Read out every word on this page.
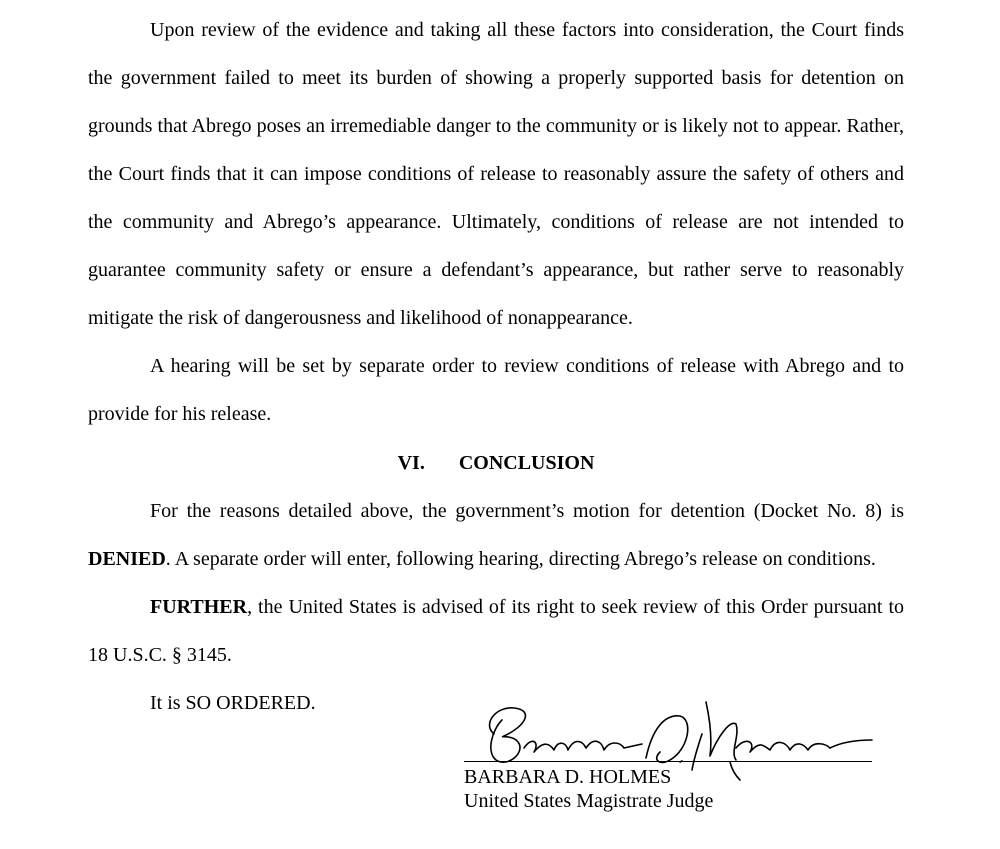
Upon review of the evidence and taking all these factors into consideration, the Court finds the government failed to meet its burden of showing a properly supported basis for detention on grounds that Abrego poses an irremediable danger to the community or is likely not to appear. Rather, the Court finds that it can impose conditions of release to reasonably assure the safety of others and the community and Abrego’s appearance. Ultimately, conditions of release are not intended to guarantee community safety or ensure a defendant’s appearance, but rather serve to reasonably mitigate the risk of dangerousness and likelihood of nonappearance.

A hearing will be set by separate order to review conditions of release with Abrego and to provide for his release.

VI. CONCLUSION

For the reasons detailed above, the government’s motion for detention (Docket No. 8) is DENIED. A separate order will enter, following hearing, directing Abrego’s release on conditions.

FURTHER, the United States is advised of its right to seek review of this Order pursuant to 18 U.S.C. § 3145.

It is SO ORDERED.

BARBARA D. HOLMES
United States Magistrate Judge
